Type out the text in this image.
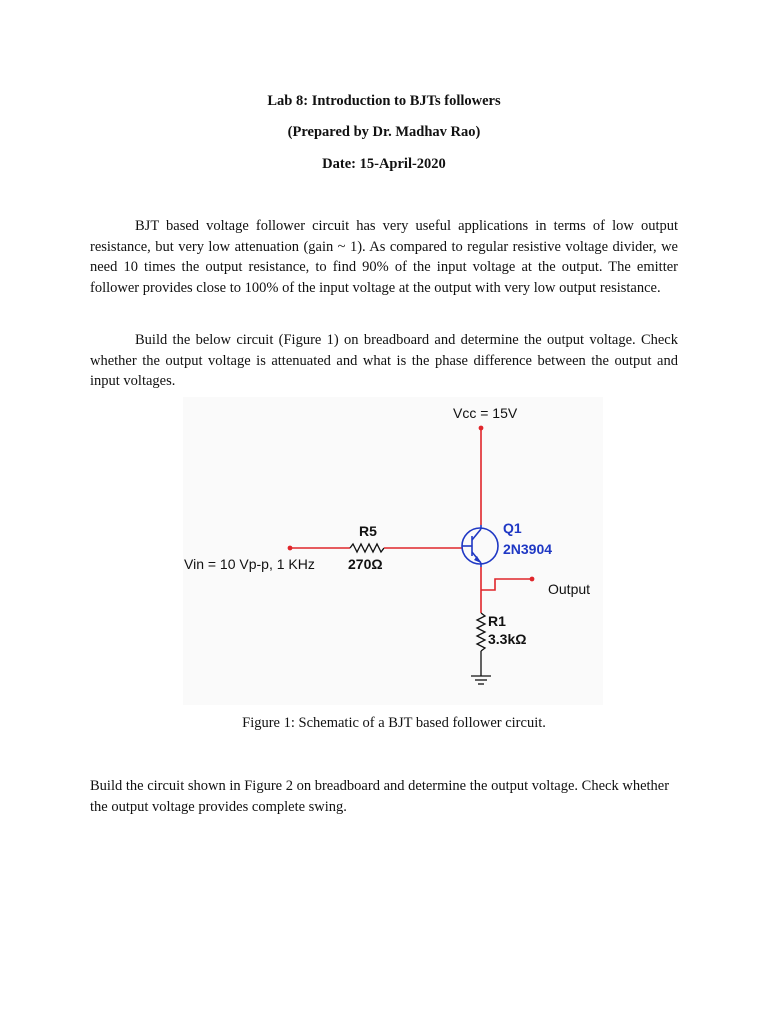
Lab 8: Introduction to BJTs followers
(Prepared by Dr. Madhav Rao)
Date: 15-April-2020

BJT based voltage follower circuit has very useful applications in terms of low output resistance, but very low attenuation (gain ~ 1). As compared to regular resistive voltage divider, we need 10 times the output resistance, to find 90% of the input voltage at the output. The emitter follower provides close to 100% of the input voltage at the output with very low output resistance.

Build the below circuit (Figure 1) on breadboard and determine the output voltage. Check whether the output voltage is attenuated and what is the phase difference between the output and input voltages.

Vcc = 15V
R5
Vin = 10 Vp-p, 1 KHz 270Ω
Q1
2N3904
Output
R1
3.3kΩ
Figure 1: Schematic of a BJT based follower circuit.

Build the circuit shown in Figure 2 on breadboard and determine the output voltage. Check whether the output voltage provides complete swing.
